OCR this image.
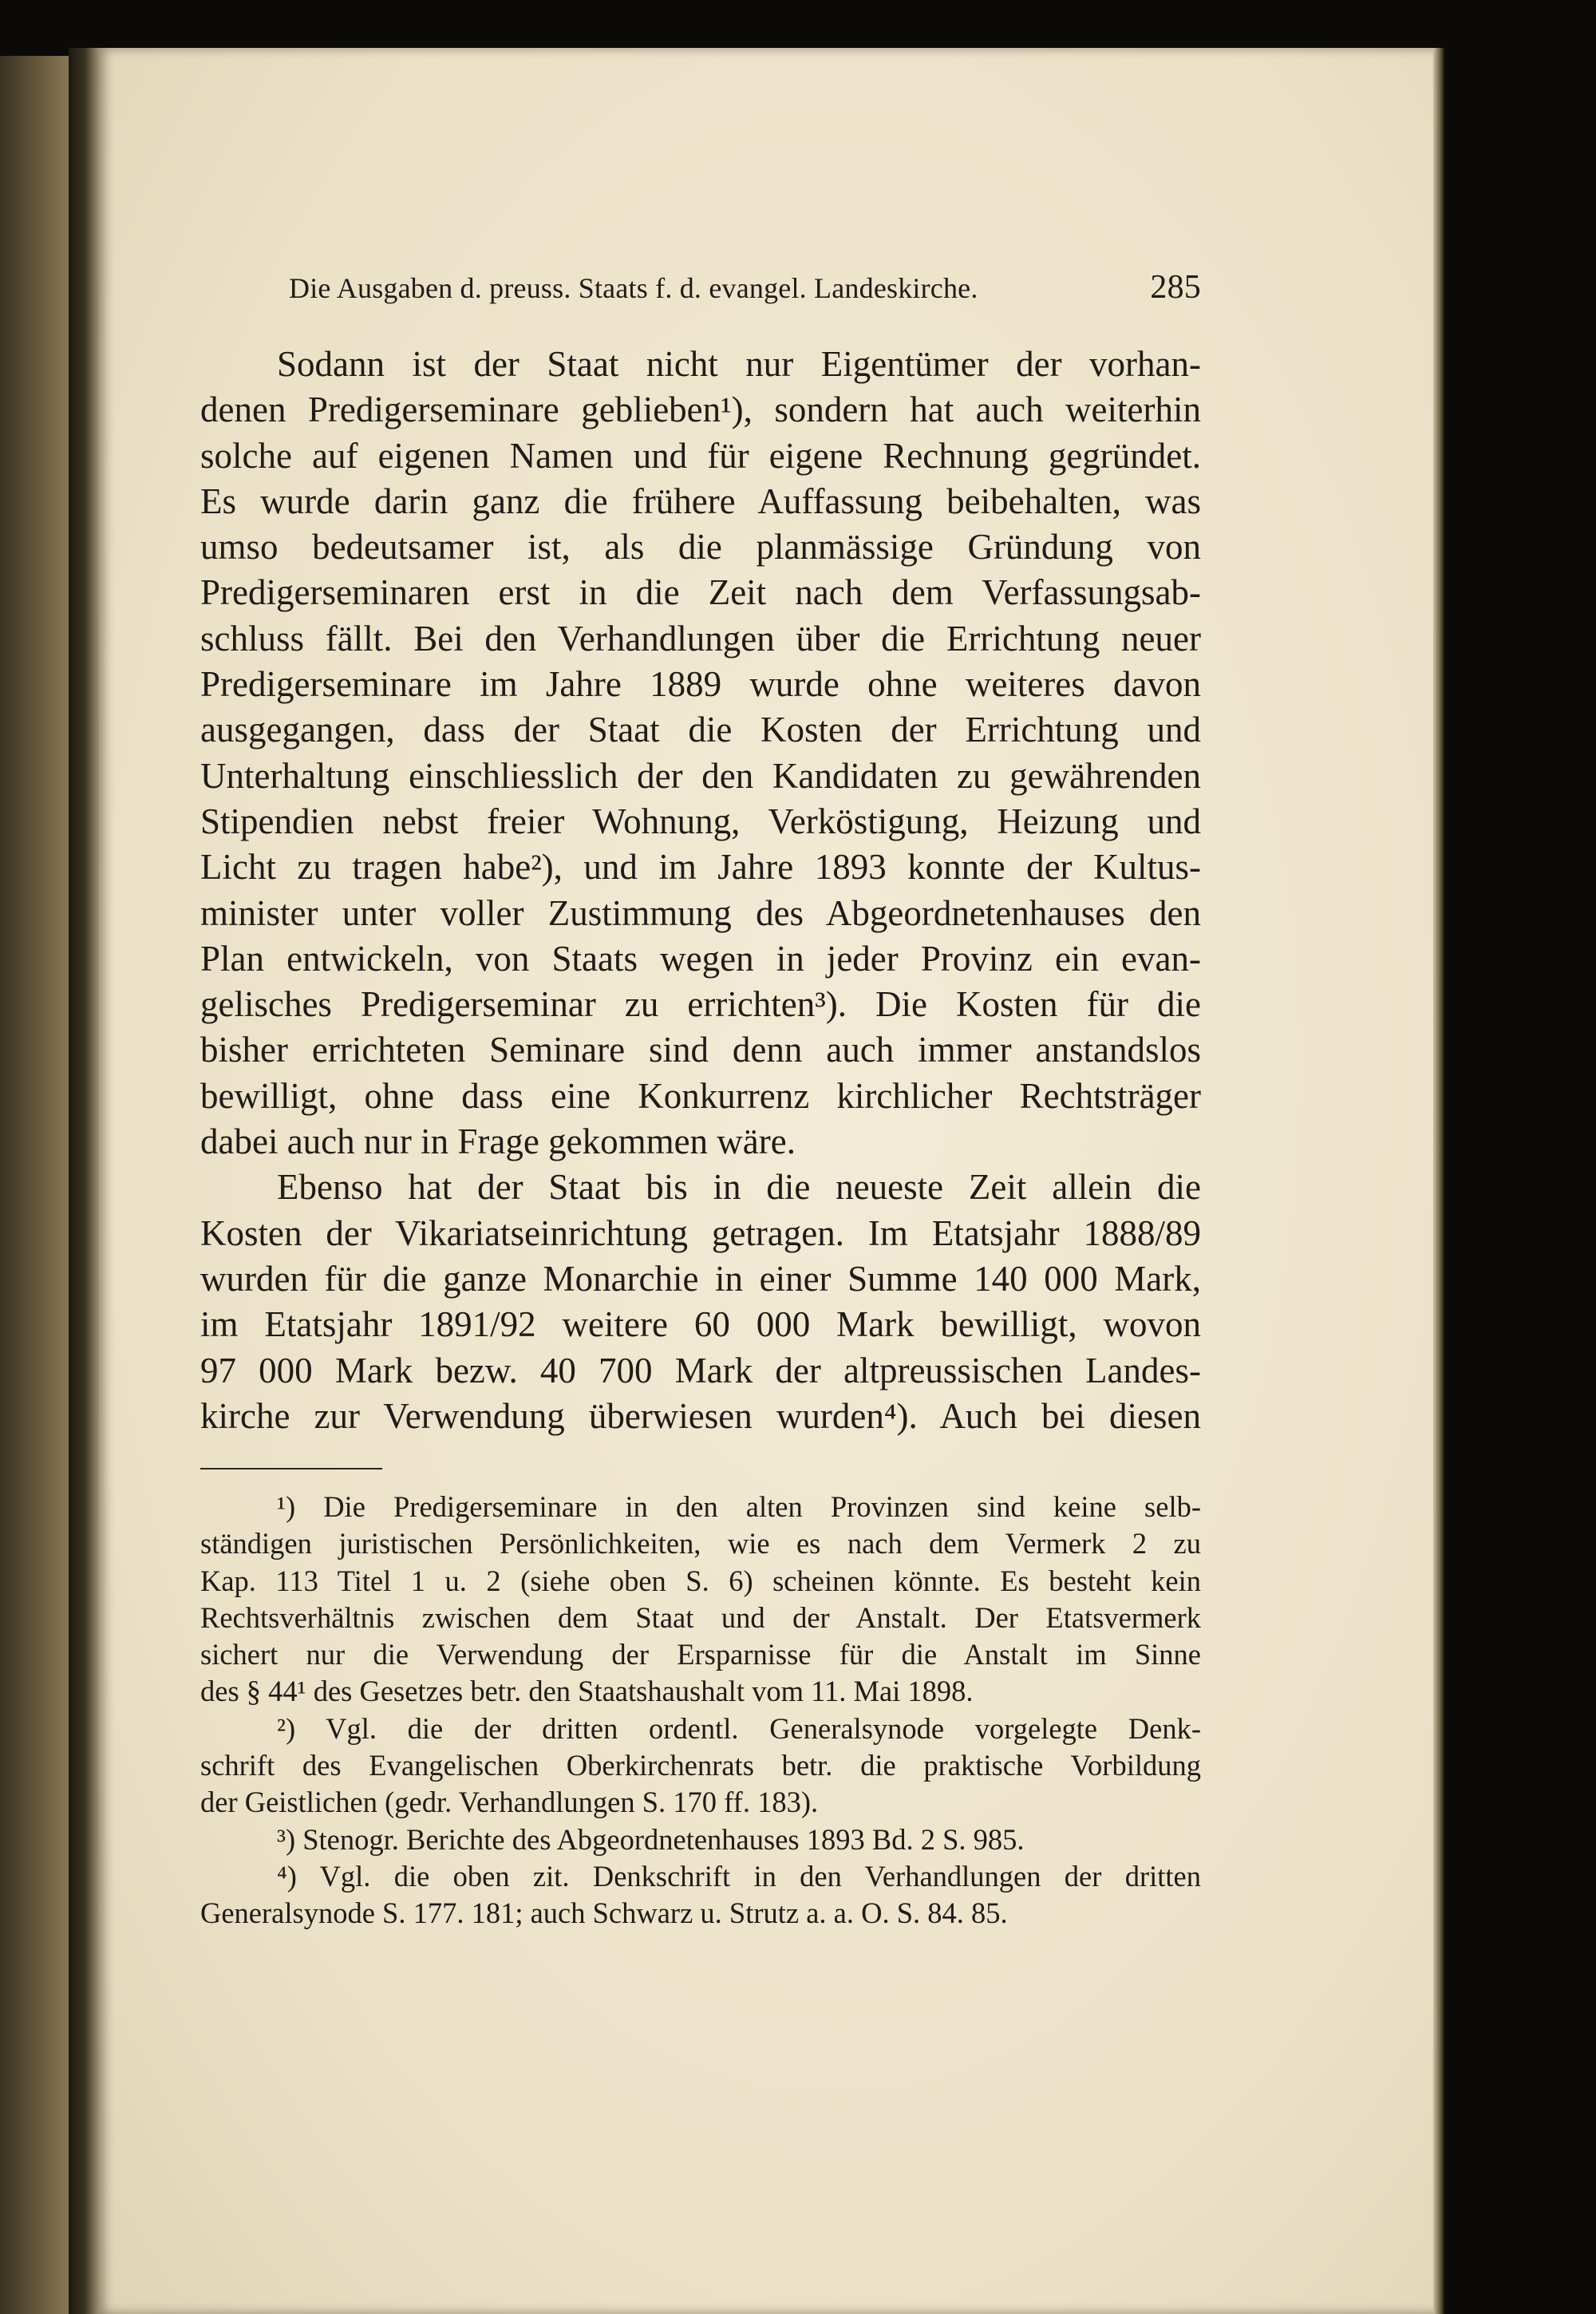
Die Ausgaben d. preuss. Staats f. d. evangel. Landeskirche.	285
Sodann ist der Staat nicht nur Eigentümer der vorhan-
denen Predigerseminare geblieben¹), sondern hat auch weiterhin
solche auf eigenen Namen und für eigene Rechnung gegründet.
Es wurde darin ganz die frühere Auffassung beibehalten, was
umso bedeutsamer ist, als die planmässige Gründung von
Predigerseminaren erst in die Zeit nach dem Verfassungsab-
schluss fällt. Bei den Verhandlungen über die Errichtung neuer
Predigerseminare im Jahre 1889 wurde ohne weiteres davon
ausgegangen, dass der Staat die Kosten der Errichtung und
Unterhaltung einschliesslich der den Kandidaten zu gewährenden
Stipendien nebst freier Wohnung, Verköstigung, Heizung und
Licht zu tragen habe²), und im Jahre 1893 konnte der Kultus-
minister unter voller Zustimmung des Abgeordnetenhauses den
Plan entwickeln, von Staats wegen in jeder Provinz ein evan-
gelisches Predigerseminar zu errichten³). Die Kosten für die
bisher errichteten Seminare sind denn auch immer anstandslos
bewilligt, ohne dass eine Konkurrenz kirchlicher Rechtsträger
dabei auch nur in Frage gekommen wäre.
Ebenso hat der Staat bis in die neueste Zeit allein die
Kosten der Vikariatseinrichtung getragen. Im Etatsjahr 1888/89
wurden für die ganze Monarchie in einer Summe 140 000 Mark,
im Etatsjahr 1891/92 weitere 60 000 Mark bewilligt, wovon
97 000 Mark bezw. 40 700 Mark der altpreussischen Landes-
kirche zur Verwendung überwiesen wurden⁴). Auch bei diesen
¹) Die Predigerseminare in den alten Provinzen sind keine selb-
ständigen juristischen Persönlichkeiten, wie es nach dem Vermerk 2 zu
Kap. 113 Titel 1 u. 2 (siehe oben S. 6) scheinen könnte. Es besteht kein
Rechtsverhältnis zwischen dem Staat und der Anstalt. Der Etatsvermerk
sichert nur die Verwendung der Ersparnisse für die Anstalt im Sinne
des § 44¹ des Gesetzes betr. den Staatshaushalt vom 11. Mai 1898.
²) Vgl. die der dritten ordentl. Generalsynode vorgelegte Denk-
schrift des Evangelischen Oberkirchenrats betr. die praktische Vorbildung
der Geistlichen (gedr. Verhandlungen S. 170 ff. 183).
³) Stenogr. Berichte des Abgeordnetenhauses 1893 Bd. 2 S. 985.
⁴) Vgl. die oben zit. Denkschrift in den Verhandlungen der dritten
Generalsynode S. 177. 181; auch Schwarz u. Strutz a. a. O. S. 84. 85.
